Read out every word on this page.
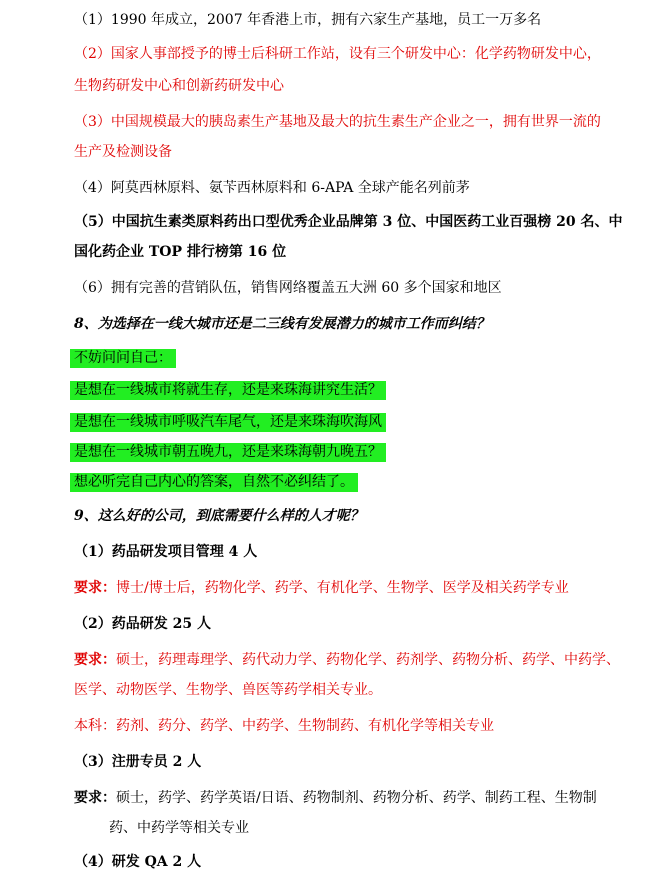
（1）1990 年成立，2007 年香港上市，拥有六家生产基地，员工一万多名
（2）国家人事部授予的博士后科研工作站，设有三个研发中心：化学药物研发中心，
生物药研发中心和创新药研发中心
（3）中国规模最大的胰岛素生产基地及最大的抗生素生产企业之一，拥有世界一流的
生产及检测设备
（4）阿莫西林原料、氨苄西林原料和 6-APA 全球产能名列前茅
（5）中国抗生素类原料药出口型优秀企业品牌第 3 位、中国医药工业百强榜 20 名、中
国化药企业 TOP 排行榜第 16 位
（6）拥有完善的营销队伍，销售网络覆盖五大洲 60 多个国家和地区
8、为选择在一线大城市还是二三线有发展潜力的城市工作而纠结？
不妨问问自己：
是想在一线城市将就生存，还是来珠海讲究生活？
是想在一线城市呼吸汽车尾气，还是来珠海吹海风
是想在一线城市朝五晚九，还是来珠海朝九晚五？
想必听完自己内心的答案，自然不必纠结了。
9、这么好的公司，到底需要什么样的人才呢？
（1）药品研发项目管理 4 人
要求：博士/博士后，药物化学、药学、有机化学、生物学、医学及相关药学专业
（2）药品研发 25 人
要求：硕士，药理毒理学、药代动力学、药物化学、药剂学、药物分析、药学、中药学、
医学、动物医学、生物学、兽医等药学相关专业。
本科：药剂、药分、药学、中药学、生物制药、有机化学等相关专业
（3）注册专员 2 人
要求：硕士，药学、药学英语/日语、药物制剂、药物分析、药学、制药工程、生物制
药、中药学等相关专业
（4）研发 QA 2 人
